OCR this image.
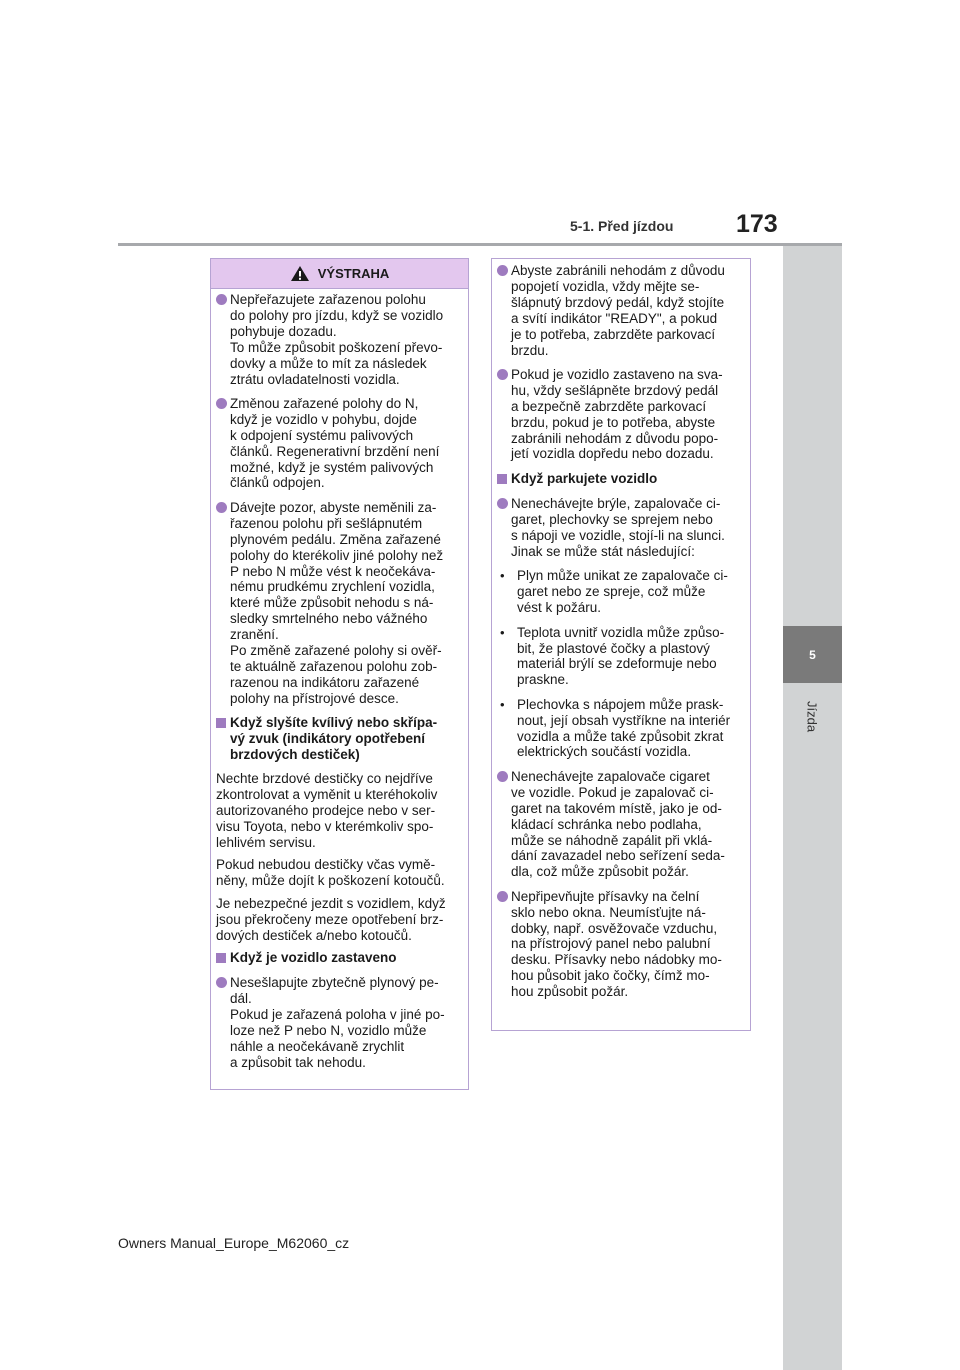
5-1. Před jízdou	173
5
Jízda
VÝSTRAHA
Nepřeřazujete zařazenou polohu
do polohy pro jízdu, když se vozidlo
pohybuje dozadu.
To může způsobit poškození převo-
dovky a může to mít za následek
ztrátu ovladatelnosti vozidla.
Změnou zařazené polohy do N,
když je vozidlo v pohybu, dojde
k odpojení systému palivových
článků. Regenerativní brzdění není
možné, když je systém palivových
článků odpojen.
Dávejte pozor, abyste neměnili za-
řazenou polohu při sešlápnutém
plynovém pedálu. Změna zařazené
polohy do kterékoliv jiné polohy než
P nebo N může vést k neočekáva-
nému prudkému zrychlení vozidla,
které může způsobit nehodu s ná-
sledky smrtelného nebo vážného
zranění.
Po změně zařazené polohy si ověř-
te aktuálně zařazenou polohu zob-
razenou na indikátoru zařazené
polohy na přístrojové desce.
Když slyšíte kvílivý nebo skřípa-
vý zvuk (indikátory opotřebení
brzdových destiček)
Nechte brzdové destičky co nejdříve
zkontrolovat a vyměnit u kteréhokoliv
autorizovaného prodejce nebo v ser-
visu Toyota, nebo v kterémkoliv spo-
lehlivém servisu.
Pokud nebudou destičky včas vymě-
něny, může dojít k poškození kotoučů.
Je nebezpečné jezdit s vozidlem, když
jsou překročeny meze opotřebení brz-
dových destiček a/nebo kotoučů.
Když je vozidlo zastaveno
Nesešlapujte zbytečně plynový pe-
dál.
Pokud je zařazená poloha v jiné po-
loze než P nebo N, vozidlo může
náhle a neočekávaně zrychlit
a způsobit tak nehodu.
Abyste zabránili nehodám z důvodu
popojetí vozidla, vždy mějte se-
šlápnutý brzdový pedál, když stojíte
a svítí indikátor "READY", a pokud
je to potřeba, zabrzděte parkovací
brzdu.
Pokud je vozidlo zastaveno na sva-
hu, vždy sešlápněte brzdový pedál
a bezpečně zabrzděte parkovací
brzdu, pokud je to potřeba, abyste
zabránili nehodám z důvodu popo-
jetí vozidla dopředu nebo dozadu.
Když parkujete vozidlo
Nenechávejte brýle, zapalovače ci-
garet, plechovky se sprejem nebo
s nápoji ve vozidle, stojí-li na slunci.
Jinak se může stát následující:
• Plyn může unikat ze zapalovače ci-
garet nebo ze spreje, což může
vést k požáru.
• Teplota uvnitř vozidla může způso-
bit, že plastové čočky a plastový
materiál brýlí se zdeformuje nebo
praskne.
• Plechovka s nápojem může prask-
nout, její obsah vystříkne na interiér
vozidla a může také způsobit zkrat
elektrických součástí vozidla.
Nenechávejte zapalovače cigaret
ve vozidle. Pokud je zapalovač ci-
garet na takovém místě, jako je od-
kládací schránka nebo podlaha,
může se náhodně zapálit při vklá-
dání zavazadel nebo seřízení seda-
dla, což může způsobit požár.
Nepřipevňujte přísavky na čelní
sklo nebo okna. Neumísťujte ná-
dobky, např. osvěžovače vzduchu,
na přístrojový panel nebo palubní
desku. Přísavky nebo nádobky mo-
hou působit jako čočky, čímž mo-
hou způsobit požár.
Owners Manual_Europe_M62060_cz
